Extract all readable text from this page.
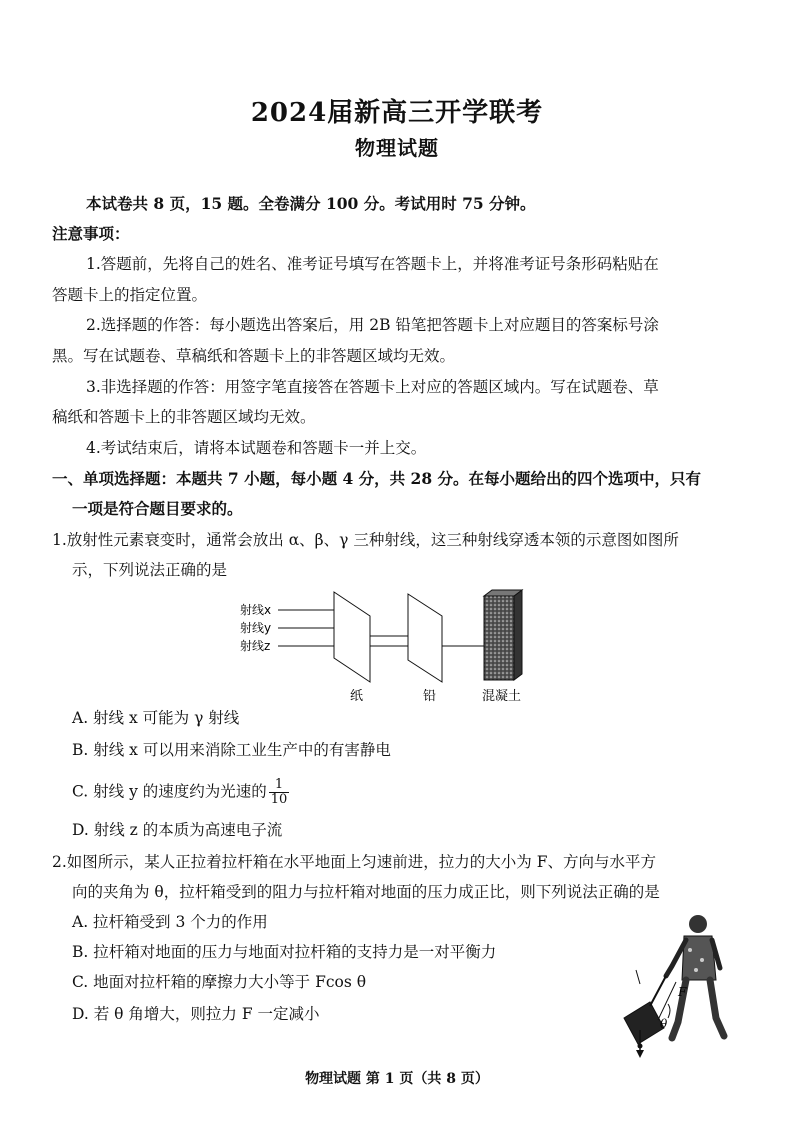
2024届新高三开学联考
物理试题
本试卷共 8 页，15 题。全卷满分 100 分。考试用时 75 分钟。
注意事项：
1.答题前，先将自己的姓名、准考证号填写在答题卡上，并将准考证号条形码粘贴在
答题卡上的指定位置。
2.选择题的作答：每小题选出答案后，用 2B 铅笔把答题卡上对应题目的答案标号涂
黑。写在试题卷、草稿纸和答题卡上的非答题区域均无效。
3.非选择题的作答：用签字笔直接答在答题卡上对应的答题区域内。写在试题卷、草
稿纸和答题卡上的非答题区域均无效。
4.考试结束后，请将本试题卷和答题卡一并上交。
一、单项选择题：本题共 7 小题，每小题 4 分，共 28 分。在每小题给出的四个选项中，只有
一项是符合题目要求的。
1.放射性元素衰变时，通常会放出 α、β、γ 三种射线，这三种射线穿透本领的示意图如图所
示，下列说法正确的是
射线x
射线y
射线z
纸	铅	混凝土
A. 射线 x 可能为 γ 射线
B. 射线 x 可以用来消除工业生产中的有害静电
C. 射线 y 的速度约为光速的 $\frac{1}{10}$
D. 射线 z 的本质为高速电子流
2.如图所示，某人正拉着拉杆箱在水平地面上匀速前进，拉力的大小为 F、方向与水平方
向的夹角为 θ，拉杆箱受到的阻力与拉杆箱对地面的压力成正比，则下列说法正确的是
A. 拉杆箱受到 3 个力的作用
B. 拉杆箱对地面的压力与地面对拉杆箱的支持力是一对平衡力
C. 地面对拉杆箱的摩擦力大小等于 Fcos θ
D. 若 θ 角增大，则拉力 F 一定减小
F
θ
物理试题 第 1 页（共 8 页）
